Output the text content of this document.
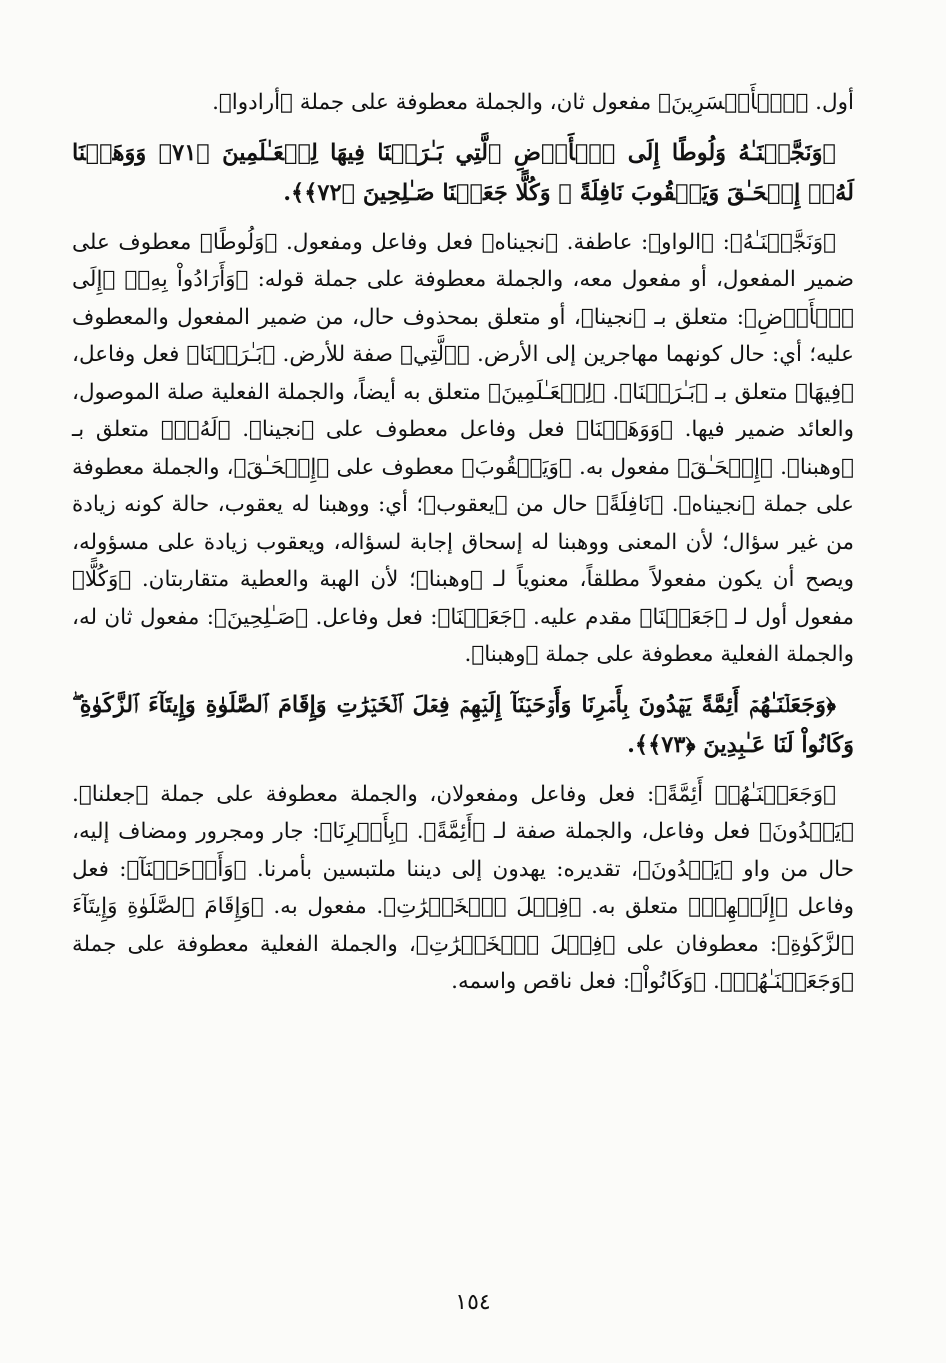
أول. ﴿ٱلۡأَخۡسَرِينَ﴾ مفعول ثان، والجملة معطوفة على جملة ﴿أرادوا﴾.

﴿وَنَجَّيۡنَـٰهُ وَلُوطًا إِلَى ٱلۡأَرۡضِ ٱلَّتِي بَـٰرَكۡنَا فِيهَا لِلۡعَـٰلَمِينَ ﴿٧١﴾ وَوَهَبۡنَا لَهُۥٓ إِسۡحَـٰقَ وَيَعۡقُوبَ نَافِلَةً ۖ وَكُلًّا جَعَلۡنَا صَـٰلِحِينَ ﴿٧٢﴾﴾.

﴿وَنَجَّيۡنَـٰهُ﴾: ﴿الواو﴾: عاطفة. ﴿نجيناه﴾ فعل وفاعل ومفعول. ﴿وَلُوطًا﴾ معطوف على ضمير المفعول، أو مفعول معه، والجملة معطوفة على جملة قوله: ﴿وَأَرَادُواْ بِهِۦ﴾ ﴿إِلَى ٱلۡأَرۡضِ﴾: متعلق بـ ﴿نجينا﴾، أو متعلق بمحذوف حال، من ضمير المفعول والمعطوف عليه؛ أي: حال كونهما مهاجرين إلى الأرض. ﴿ٱلَّتِي﴾ صفة للأرض. ﴿بَـٰرَكۡنَا﴾ فعل وفاعل، ﴿فِيهَا﴾ متعلق بـ ﴿بَـٰرَكۡنَا﴾. ﴿لِلۡعَـٰلَمِينَ﴾ متعلق به أيضاً، والجملة الفعلية صلة الموصول، والعائد ضمير فيها. ﴿وَوَهَبۡنَا﴾ فعل وفاعل معطوف على ﴿نجينا﴾. ﴿لَهُۥٓ﴾ متعلق بـ ﴿وهبنا﴾. ﴿إِسۡحَـٰقَ﴾ مفعول به. ﴿وَيَعۡقُوبَ﴾ معطوف على ﴿إِسۡحَـٰقَ﴾، والجملة معطوفة على جملة ﴿نجيناه﴾. ﴿نَافِلَةً﴾ حال من ﴿يعقوب﴾؛ أي: ووهبنا له يعقوب، حالة كونه زيادة من غير سؤال؛ لأن المعنى ووهبنا له إسحاق إجابة لسؤاله، ويعقوب زيادة على مسؤوله، ويصح أن يكون مفعولاً مطلقاً، معنوياً لـ ﴿وهبنا﴾؛ لأن الهبة والعطية متقاربتان. ﴿وَكُلًّا﴾ مفعول أول لـ ﴿جَعَلۡنَا﴾ مقدم عليه. ﴿جَعَلۡنَا﴾: فعل وفاعل. ﴿صَـٰلِحِينَ﴾: مفعول ثان له، والجملة الفعلية معطوفة على جملة ﴿وهبنا﴾.

﴿وَجَعَلۡنَـٰهُمۡ أَئِمَّةً يَهۡدُونَ بِأَمۡرِنَا وَأَوۡحَيۡنَآ إِلَيۡهِمۡ فِعۡلَ ٱلۡخَيۡرَٰتِ وَإِقَامَ ٱلصَّلَوٰةِ وَإِيتَآءَ ٱلزَّكَوٰةِ ۖ وَكَانُواْ لَنَا عَـٰبِدِينَ ﴿٧٣﴾﴾.

﴿وَجَعَلۡنَـٰهُمۡ أَئِمَّةً﴾: فعل وفاعل ومفعولان، والجملة معطوفة على جملة ﴿جعلنا﴾. ﴿يَهۡدُونَ﴾ فعل وفاعل، والجملة صفة لـ ﴿أَئِمَّةً﴾. ﴿بِأَمۡرِنَا﴾: جار ومجرور ومضاف إليه، حال من واو ﴿يَهۡدُونَ﴾، تقديره: يهدون إلى ديننا ملتبسين بأمرنا. ﴿وَأَوۡحَيۡنَآ﴾: فعل وفاعل ﴿إِلَيۡهِمۡ﴾ متعلق به. ﴿فِعۡلَ ٱلۡخَيۡرَٰتِ﴾. مفعول به. ﴿وَإِقَامَ ٱلصَّلَوٰةِ وَإِيتَآءَ ٱلزَّكَوٰةِ﴾: معطوفان على ﴿فِعۡلَ ٱلۡخَيۡرَٰتِ﴾، والجملة الفعلية معطوفة على جملة ﴿وَجَعَلۡنَـٰهُمۡ﴾. ﴿وَكَانُواْ﴾: فعل ناقص واسمه.

١٥٤
